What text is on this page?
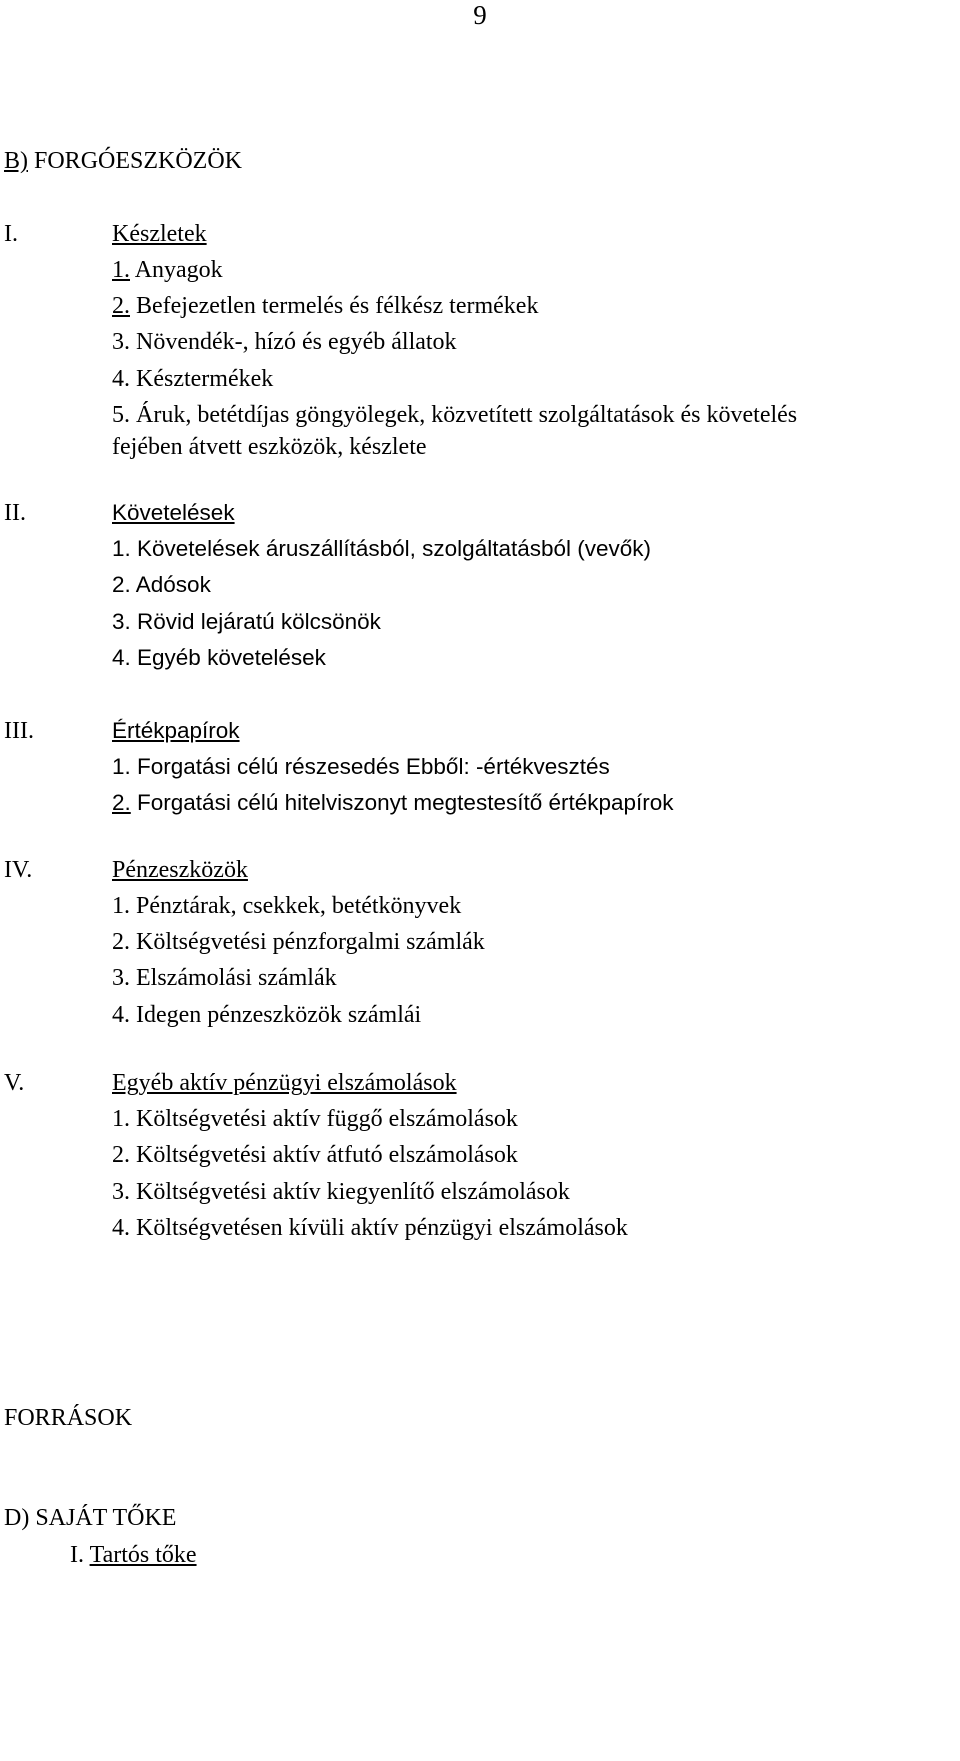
9
B) FORGÓESZKÖZÖK
I.	Készletek
1. Anyagok
2. Befejezetlen termelés és félkész termékek
3. Növendék-, hízó és egyéb állatok
4. Késztermékek
5. Áruk, betétdíjas göngyölegek, közvetített szolgáltatások és követelés
fejében átvett eszközök, készlete
II.	Követelések
1. Követelések áruszállításból, szolgáltatásból (vevők)
2. Adósok
3. Rövid lejáratú kölcsönök
4. Egyéb követelések
III.	Értékpapírok
1. Forgatási célú részesedés Ebből: -értékvesztés
2. Forgatási célú hitelviszonyt megtestesítő értékpapírok
IV.	Pénzeszközök
1. Pénztárak, csekkek, betétkönyvek
2. Költségvetési pénzforgalmi számlák
3. Elszámolási számlák
4. Idegen pénzeszközök számlái
V.	Egyéb aktív pénzügyi elszámolások
1. Költségvetési aktív függő elszámolások
2. Költségvetési aktív átfutó elszámolások
3. Költségvetési aktív kiegyenlítő elszámolások
4. Költségvetésen kívüli aktív pénzügyi elszámolások
FORRÁSOK
D) SAJÁT TŐKE
I. Tartós tőke
